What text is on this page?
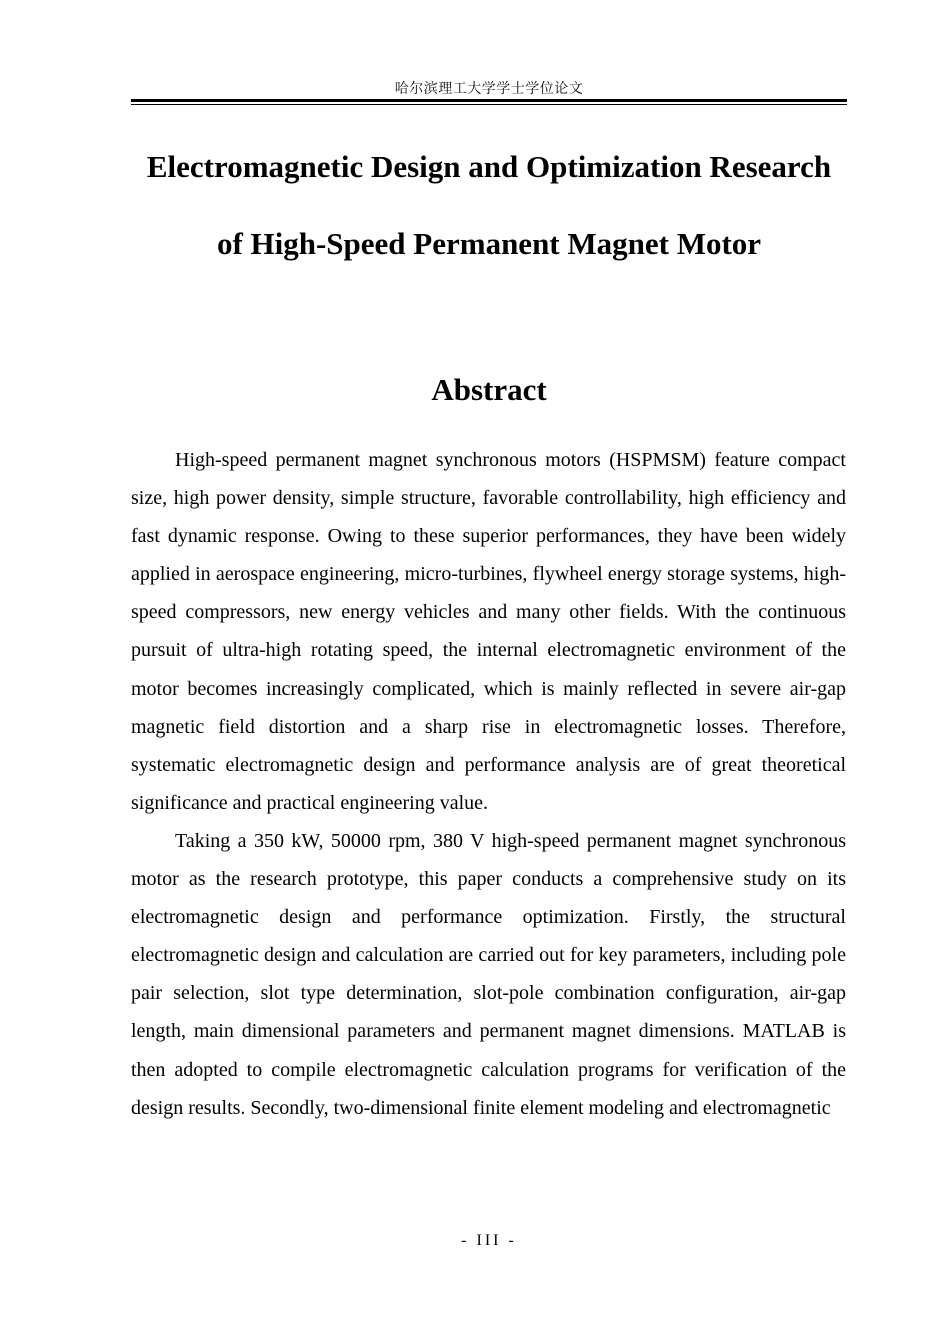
哈尔滨理工大学学士学位论文
Electromagnetic Design and Optimization Research of High-Speed Permanent Magnet Motor
Abstract

High-speed permanent magnet synchronous motors (HSPMSM) feature compact size, high power density, simple structure, favorable controllability, high efficiency and fast dynamic response. Owing to these superior performances, they have been widely applied in aerospace engineering, micro-turbines, flywheel energy storage systems, high-speed compressors, new energy vehicles and many other fields. With the continuous pursuit of ultra-high rotating speed, the internal electromagnetic environment of the motor becomes increasingly complicated, which is mainly reflected in severe air-gap magnetic field distortion and a sharp rise in electromagnetic losses. Therefore, systematic electromagnetic design and performance analysis are of great theoretical significance and practical engineering value.

Taking a 350 kW, 50000 rpm, 380 V high-speed permanent magnet synchronous motor as the research prototype, this paper conducts a comprehensive study on its electromagnetic design and performance optimization. Firstly, the structural electromagnetic design and calculation are carried out for key parameters, including pole pair selection, slot type determination, slot-pole combination configuration, air-gap length, main dimensional parameters and permanent magnet dimensions. MATLAB is then adopted to compile electromagnetic calculation programs for verification of the design results. Secondly, two-dimensional finite element modeling and electromagnetic

- III -
